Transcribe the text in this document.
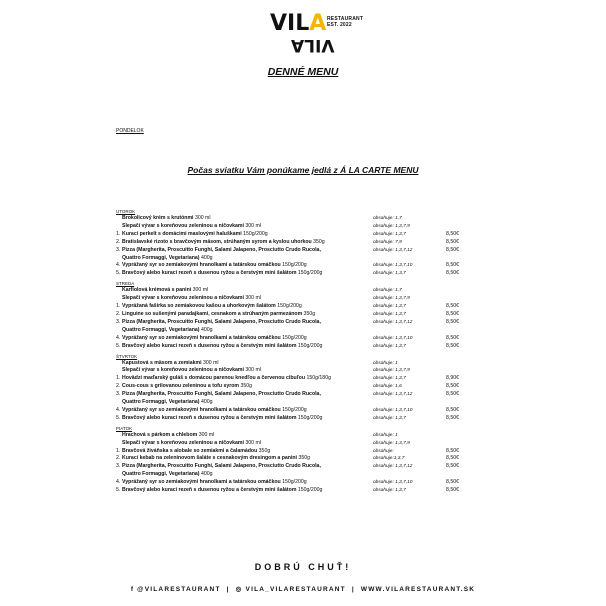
VILA
VILA
RESTAURANT
EST. 2022
DENNÉ MENU
PONDELOK
Počas sviatku Vám ponúkame jedlá z Á LA CARTE MENU
UTOROK
Brokolicový krém s krutónmi 300 ml	obsahuje: 1,7
Slepačí vývar s koreňovou zeleninou a ničovkami 300 ml	obsahuje: 1,3,7,9
1. Kurací perkelt s domácimi maslovými haluškami 150g/200g	obsahuje: 1,3,7	8,50€
2. Bratislavské rizoto s bravčovým mäsom, strúhaným syrom a kyslou uhorkou 350g	obsahuje: 7,9	8,50€
3. Pizza (Margherita, Proscuitto Funghi, Salami Jalapeno, Prosciutto Crudo Rucola,
Quattro Formaggi, Vegetariana) 400g
obsahuje: 1,3,7,12	8,50€
4. Vyprážaný syr so zemiakovými hranolkami a tatárskou omáčkou 150g/200g	obsahuje: 1,3,7,10	8,50€
5. Bravčový alebo kurací rezeň s dusenou ryžou a čerstvým mini šalátom 150g/200g	obsahuje: 1,3,7	8,50€
STREDA
Karfiolová krémová s panini 300 ml	obsahuje: 1,7
Slepačí vývar s koreňovou zeleninou a ničovkami 300 ml	obsahuje: 1,3,7,9
1. Vyprážaná fašírka so zemiakovou kašou a uhorkovým šalátom 150g/200g	obsahuje: 1,3,7	8,50€
2. Linguine so sušenými paradajkami, cesnakom a strúhaným parmezánom 350g	obsahuje: 1,3,7	8,50€
3. Pizza (Margherita, Proscuitto Funghi, Salami Jalapeno, Prosciutto Crudo Rucola,
Quattro Formaggi, Vegetariana) 400g
obsahuje: 1,3,7,12	8,50€
4. Vyprážaný syr so zemiakovými hranolkami a tatárskou omáčkou 150g/200g	obsahuje: 1,3,7,10	8,50€
5. Bravčový alebo kurací rezeň s dusenou ryžou a čerstvým mini šalátom 150g/200g	obsahuje: 1,3,7	8,50€
ŠTVRTOK
Kapustová s mäsom a zemiakmi 300 ml	obsahuje: 1
Slepačí vývar s koreňovou zeleninou a ničovkami 300 ml	obsahuje: 1,3,7,9
1. Hovädzí maďarský guláš s domácou parenou knedľou a červenou cibuľou 150g/180g	obsahuje: 1,3,7	8,90€
2. Cous-cous s grilovanou zeleninou a tofu syrom 350g	obsahuje: 1,6	8,50€
3. Pizza (Margherita, Proscuitto Funghi, Salami Jalapeno, Prosciutto Crudo Rucola,
Quattro Formaggi, Vegetariana) 400g
obsahuje: 1,3,7,12	8,50€
4. Vyprážaný syr so zemiakovými hranolkami a tatárskou omáčkou 150g/200g	obsahuje: 1,3,7,10	8,50€
5. Bravčový alebo kurací rezeň s dusenou ryžou a čerstvým mini šalátom 150g/200g	obsahuje: 1,3,7	8,50€
PIATOK
Hrachová s párkom a chlebom 300 ml	obsahuje: 1
Slepačí vývar s koreňovou zeleninou a ničovkami 300 ml	obsahuje: 1,3,7,9
1. Bravčová živáňska s alobale so zemiakmi a čalamádou 350g	obsahuje:	8,50€
2. Kurací kebab na zeleninovom šaláte s cesnakovým dresingom a panini 350g	obsahuje:1,3,7	8,50€
3. Pizza (Margherita, Proscuitto Funghi, Salami Jalapeno, Prosciutto Crudo Rucola,
Quattro Formaggi, Vegetariana) 400g
obsahuje: 1,3,7,12	8,50€
4. Vyprážaný syr so zemiakovými hranolkami a tatárskou omáčkou 150g/200g	obsahuje: 1,3,7,10	8,50€
5. Bravčový alebo kurací rezeň s dusenou ryžou a čerstvým mini šalátom 150g/200g	obsahuje: 1,3,7	8,50€
DOBRÚ CHUŤ!
f @VILARESTAURANT | ◎ VILA_VILARESTAURANT | WWW.VILARESTAURANT.SK
